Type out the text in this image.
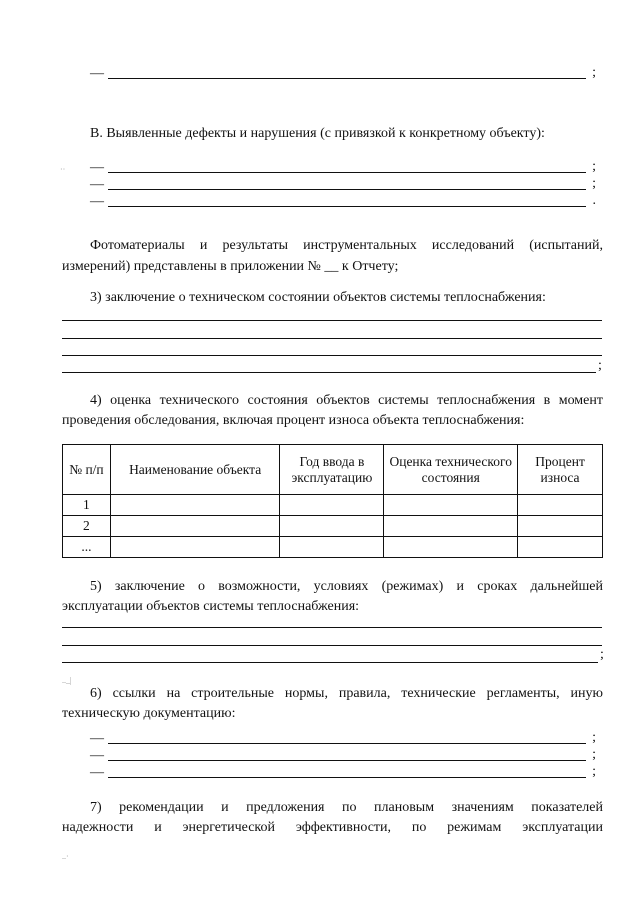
—	;
В. Выявленные дефекты и нарушения (с привязкой к конкретному объекту):
·· —	;
—	;
—	.
Фотоматериалы и результаты инструментальных исследований (испытаний,
измерений) представлены в приложении № __ к Отчету;
3) заключение о техническом состоянии объектов системы теплоснабжения:
;
4) оценка технического состояния объектов системы теплоснабжения в момент
проведения обследования, включая процент износа объекта теплоснабжения:
№ п/п	Наименование объекта	Год ввода в эксплуатацию	Оценка технического состояния	Процент износа
1				
2				
...				
5) заключение о возможности, условиях (режимах) и сроках дальнейшей
эксплуатации объектов системы теплоснабжения:
;
.._|
6) ссылки на строительные нормы, правила, технические регламенты, иную
техническую документацию:
—	;
—	;
—	;
7) рекомендации и предложения по плановым значениям показателей
надежности и энергетической эффективности, по режимам эксплуатации
..·
